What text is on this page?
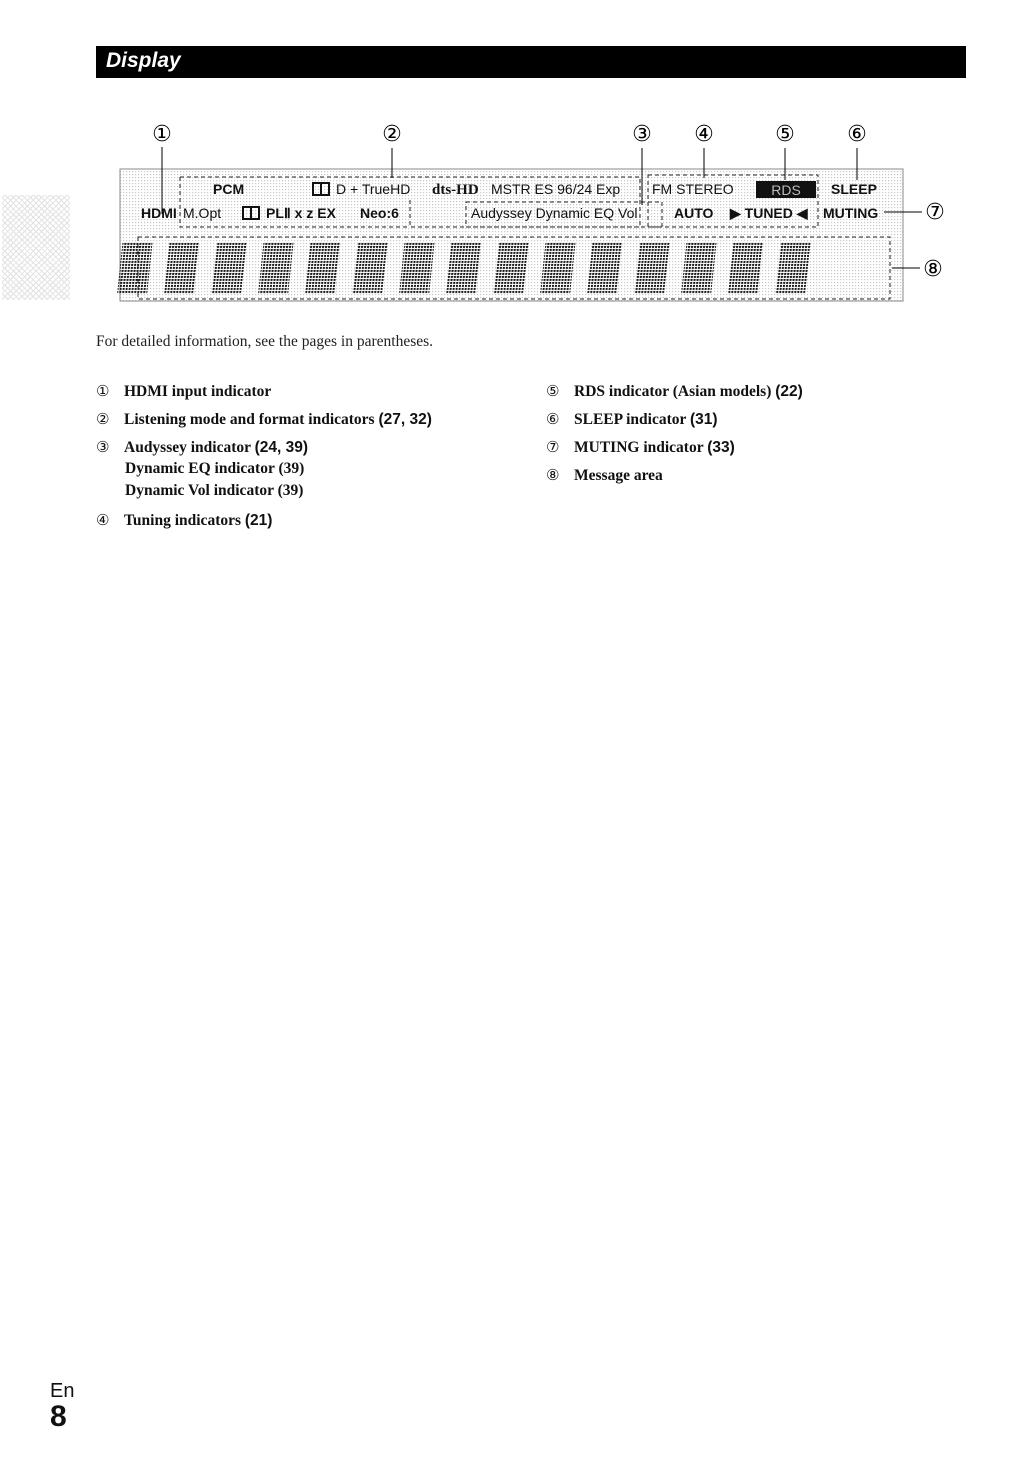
Display
①	②	③ ④	⑤ ⑥
⑦
⑧
PCM	D + TrueHD dts-HD MSTR ES 96/24 Exp FM STEREO	RDS SLEEP
HDMI M.Opt	PLⅡ x z EX Neo:6	Audyssey Dynamic EQ Vol	AUTO ▶ TUNED ◀ MUTING
For detailed information, see the pages in parentheses.
① HDMI input indicator
② Listening mode and format indicators (27, 32)
③ Audyssey indicator (24, 39)
Dynamic EQ indicator (39)
Dynamic Vol indicator (39)
④ Tuning indicators (21)
⑤ RDS indicator (Asian models) (22)
⑥ SLEEP indicator (31)
⑦ MUTING indicator (33)
⑧ Message area
En
8
